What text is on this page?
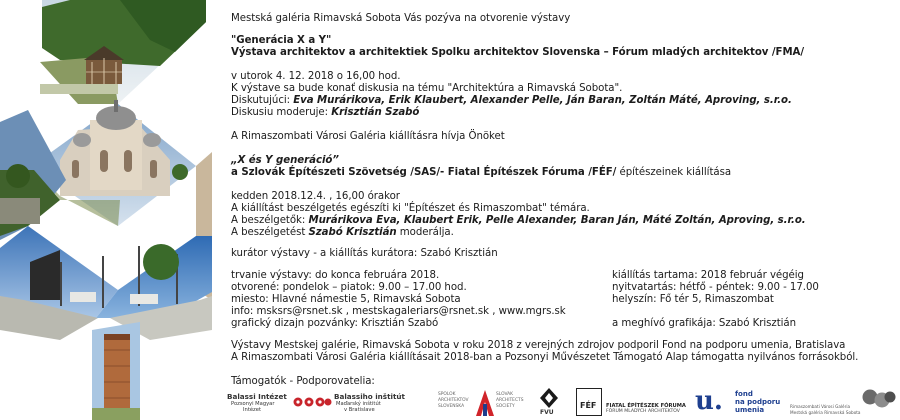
Mestská galéria Rimavská Sobota Vás pozýva na otvorenie výstavy
"Generácia X a Y"
Výstava architektov a architektiek Spolku architektov Slovenska – Fórum mladých architektov /FMA/
v utorok 4. 12. 2018 o 16,00 hod.
K výstave sa bude konať diskusia na tému "Architektúra a Rimavská Sobota".
Diskutujúci: Eva Murárikova, Erik Klaubert, Alexander Pelle, Ján Baran, Zoltán Máté, Aproving, s.r.o.
Diskusiu moderuje: Krisztián Szabó
A Rimaszombati Városi Galéria kiállításra hívja Önöket
„X és Y generáció”
a Szlovák Építészeti Szövetség /SAS/- Fiatal Építészek Fóruma /FÉF/ építészeinek kiállítása
kedden 2018.12.4. , 16,00 órakor
A kiállítást beszélgetés egészíti ki "Építészet és Rimaszombat" témára.
A beszélgetők: Murárikova Eva, Klaubert Erik, Pelle Alexander, Baran Ján, Máté Zoltán, Aproving, s.r.o.
A beszélgetést Szabó Krisztián moderálja.
kurátor výstavy - a kiállítás kurátora: Szabó Krisztián
trvanie výstavy: do konca februára 2018.
otvorené: pondelok – piatok: 9.00 – 17.00 hod.
miesto: Hlavné námestie 5, Rimavská Sobota
info: msksrs@rsnet.sk , mestskagaleriars@rsnet.sk , www.mgrs.sk
grafický dizajn pozvánky: Krisztián Szabó
kiállítás tartama: 2018 február végéig
nyitvatartás: hétfő - péntek: 9.00 - 17.00
helyszín: Fő tér 5, Rimaszombat
a meghívó grafikája: Szabó Krisztián
Výstavy Mestskej galérie, Rimavská Sobota v roku 2018 z verejných zdrojov podporil Fond na podporu umenia, Bratislava
A Rimaszombati Városi Galéria kiállításait 2018-ban a Pozsonyi Művészetet Támogató Alap támogatta nyilvános forrásokból.
Támogatók - Podporovatelia:
Balassi Intézet
Pozsonyi Magyar
Intézet
Balassiho inštitút
Maďarský inštitút
v Bratislave
SPOLOK
ARCHITEKTOV
SLOVENSKA
SLOVAK
ARCHITECTS
SOCIETY
FVU
FÉF FIATAL ÉPÍTÉSZEK FÓRUMA
FÓRUM MLADÝCH ARCHITEKTOV u. fond
na podporu
umenia	Rimaszombati Városi Galéria
Mestská galéria Rimavská Sobota
